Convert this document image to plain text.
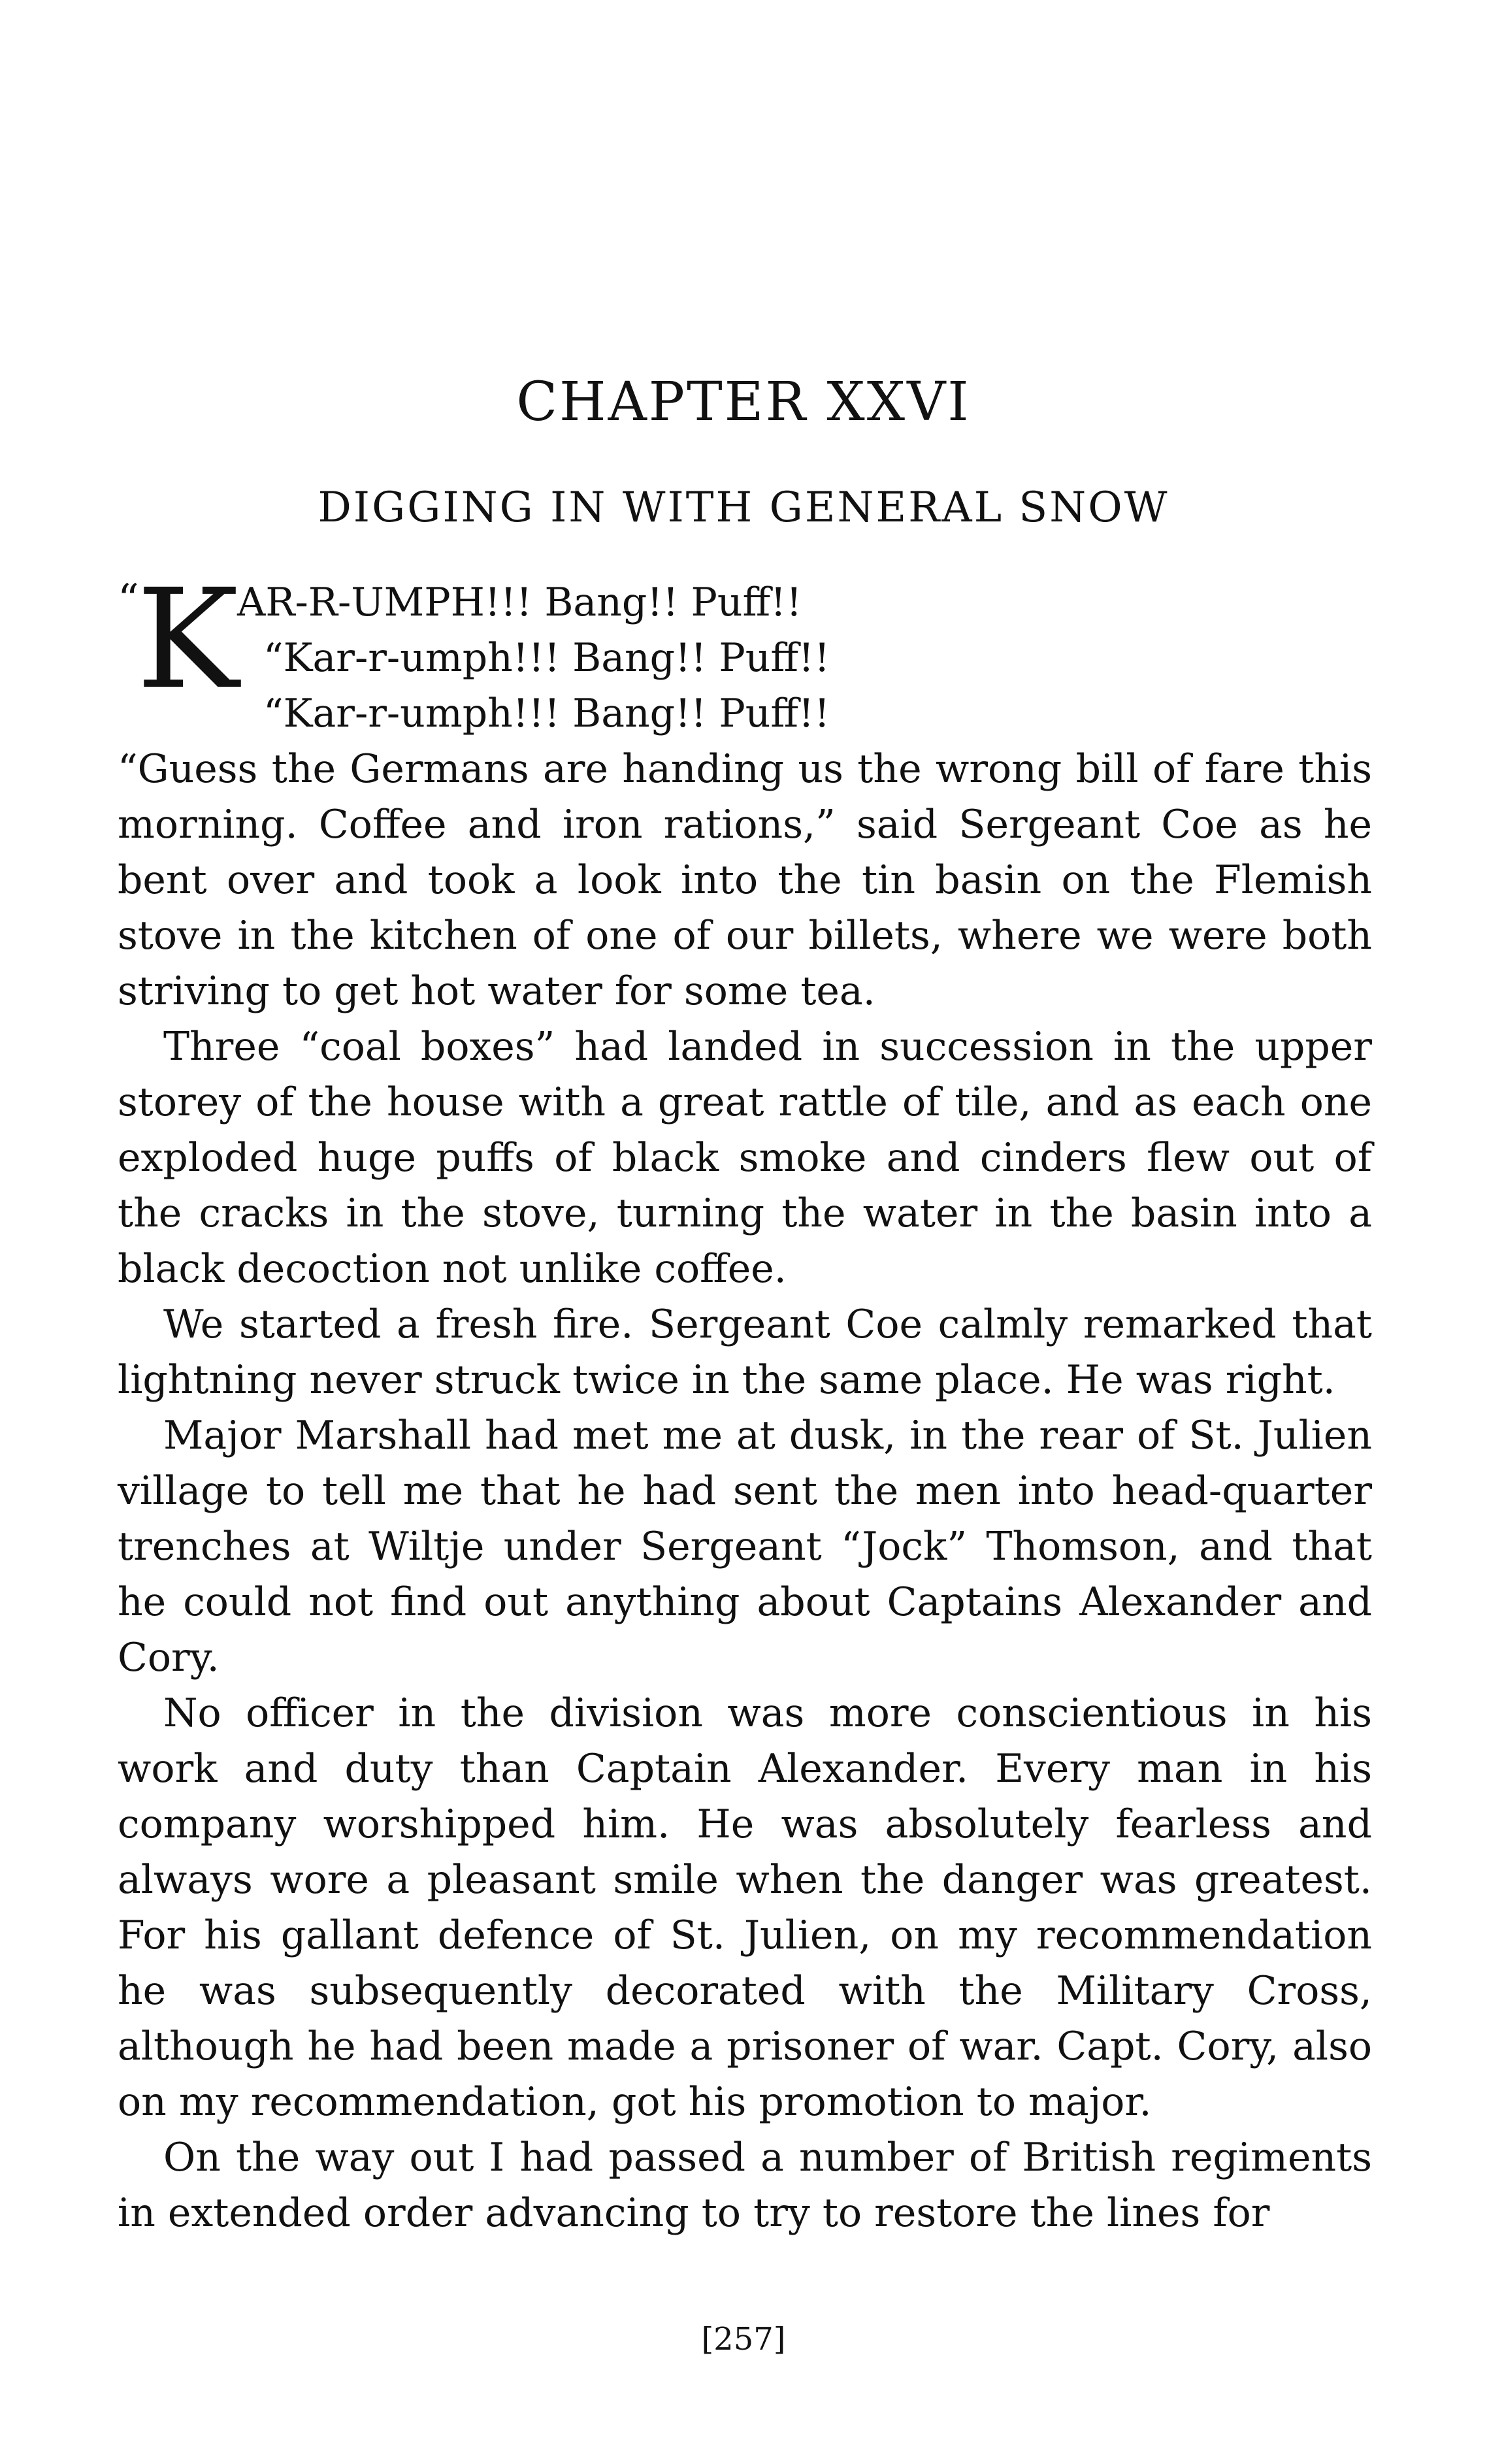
CHAPTER XXVI
DIGGING IN WITH GENERAL SNOW
“K
AR-R-UMPH!!! Bang!! Puff!!
“Kar-r-umph!!! Bang!! Puff!!
“Kar-r-umph!!! Bang!! Puff!!

“Guess the Germans are handing us the wrong bill of fare this morning. Coffee and iron rations,” said Sergeant Coe as he bent over and took a look into the tin basin on the Flemish stove in the kitchen of one of our billets, where we were both striving to get hot water for some tea.

Three “coal boxes” had landed in succession in the upper storey of the house with a great rattle of tile, and as each one exploded huge puffs of black smoke and cinders flew out of the cracks in the stove, turning the water in the basin into a black decoction not unlike coffee.

We started a fresh fire. Sergeant Coe calmly remarked that lightning never struck twice in the same place. He was right.

Major Marshall had met me at dusk, in the rear of St. Julien village to tell me that he had sent the men into head-quarter trenches at Wiltje under Sergeant “Jock” Thomson, and that he could not find out anything about Captains Alexander and Cory.

No officer in the division was more conscientious in his work and duty than Captain Alexander. Every man in his company worshipped him. He was absolutely fearless and always wore a pleasant smile when the danger was greatest. For his gallant defence of St. Julien, on my recommendation he was subsequently decorated with the Military Cross, although he had been made a prisoner of war. Capt. Cory, also on my recommendation, got his promotion to major.

On the way out I had passed a number of British regiments in extended order advancing to try to restore the lines for

[257]
